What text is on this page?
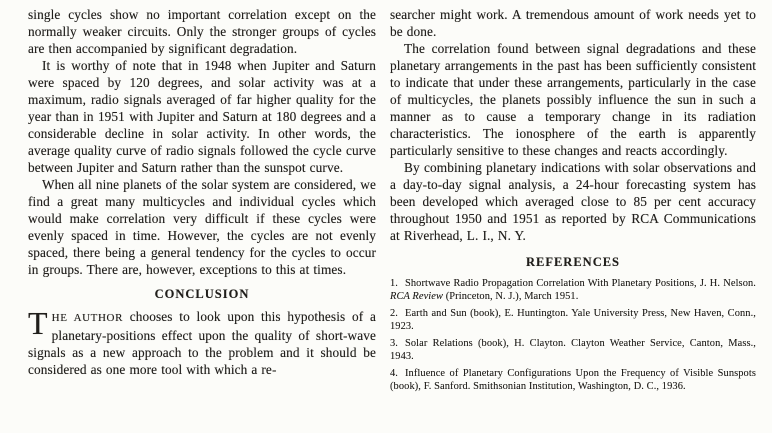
single cycles show no important correlation except on the normally weaker circuits. Only the stronger groups of cycles are then accompanied by significant degradation.

It is worthy of note that in 1948 when Jupiter and Saturn were spaced by 120 degrees, and solar activity was at a maximum, radio signals averaged of far higher quality for the year than in 1951 with Jupiter and Saturn at 180 degrees and a considerable decline in solar activity. In other words, the average quality curve of radio signals followed the cycle curve between Jupiter and Saturn rather than the sunspot curve.

When all nine planets of the solar system are considered, we find a great many multicycles and individual cycles which would make correlation very difficult if these cycles were evenly spaced in time. However, the cycles are not evenly spaced, there being a general tendency for the cycles to occur in groups. There are, however, exceptions to this at times.

CONCLUSION

THE AUTHOR chooses to look upon this hypothesis of a planetary-positions effect upon the quality of short-wave signals as a new approach to the problem and it should be considered as one more tool with which a re-

searcher might work. A tremendous amount of work needs yet to be done.

The correlation found between signal degradations and these planetary arrangements in the past has been sufficiently consistent to indicate that under these arrangements, particularly in the case of multicycles, the planets possibly influence the sun in such a manner as to cause a temporary change in its radiation characteristics. The ionosphere of the earth is apparently particularly sensitive to these changes and reacts accordingly.

By combining planetary indications with solar observations and a day-to-day signal analysis, a 24-hour forecasting system has been developed which averaged close to 85 per cent accuracy throughout 1950 and 1951 as reported by RCA Communications at Riverhead, L. I., N. Y.

REFERENCES
1. Shortwave Radio Propagation Correlation With Planetary Positions, J. H. Nelson. RCA Review (Princeton, N. J.), March 1951.
2. Earth and Sun (book), E. Huntington. Yale University Press, New Haven, Conn., 1923.
3. Solar Relations (book), H. Clayton. Clayton Weather Service, Canton, Mass., 1943.
4. Influence of Planetary Configurations Upon the Frequency of Visible Sunspots (book), F. Sanford. Smithsonian Institution, Washington, D. C., 1936.
